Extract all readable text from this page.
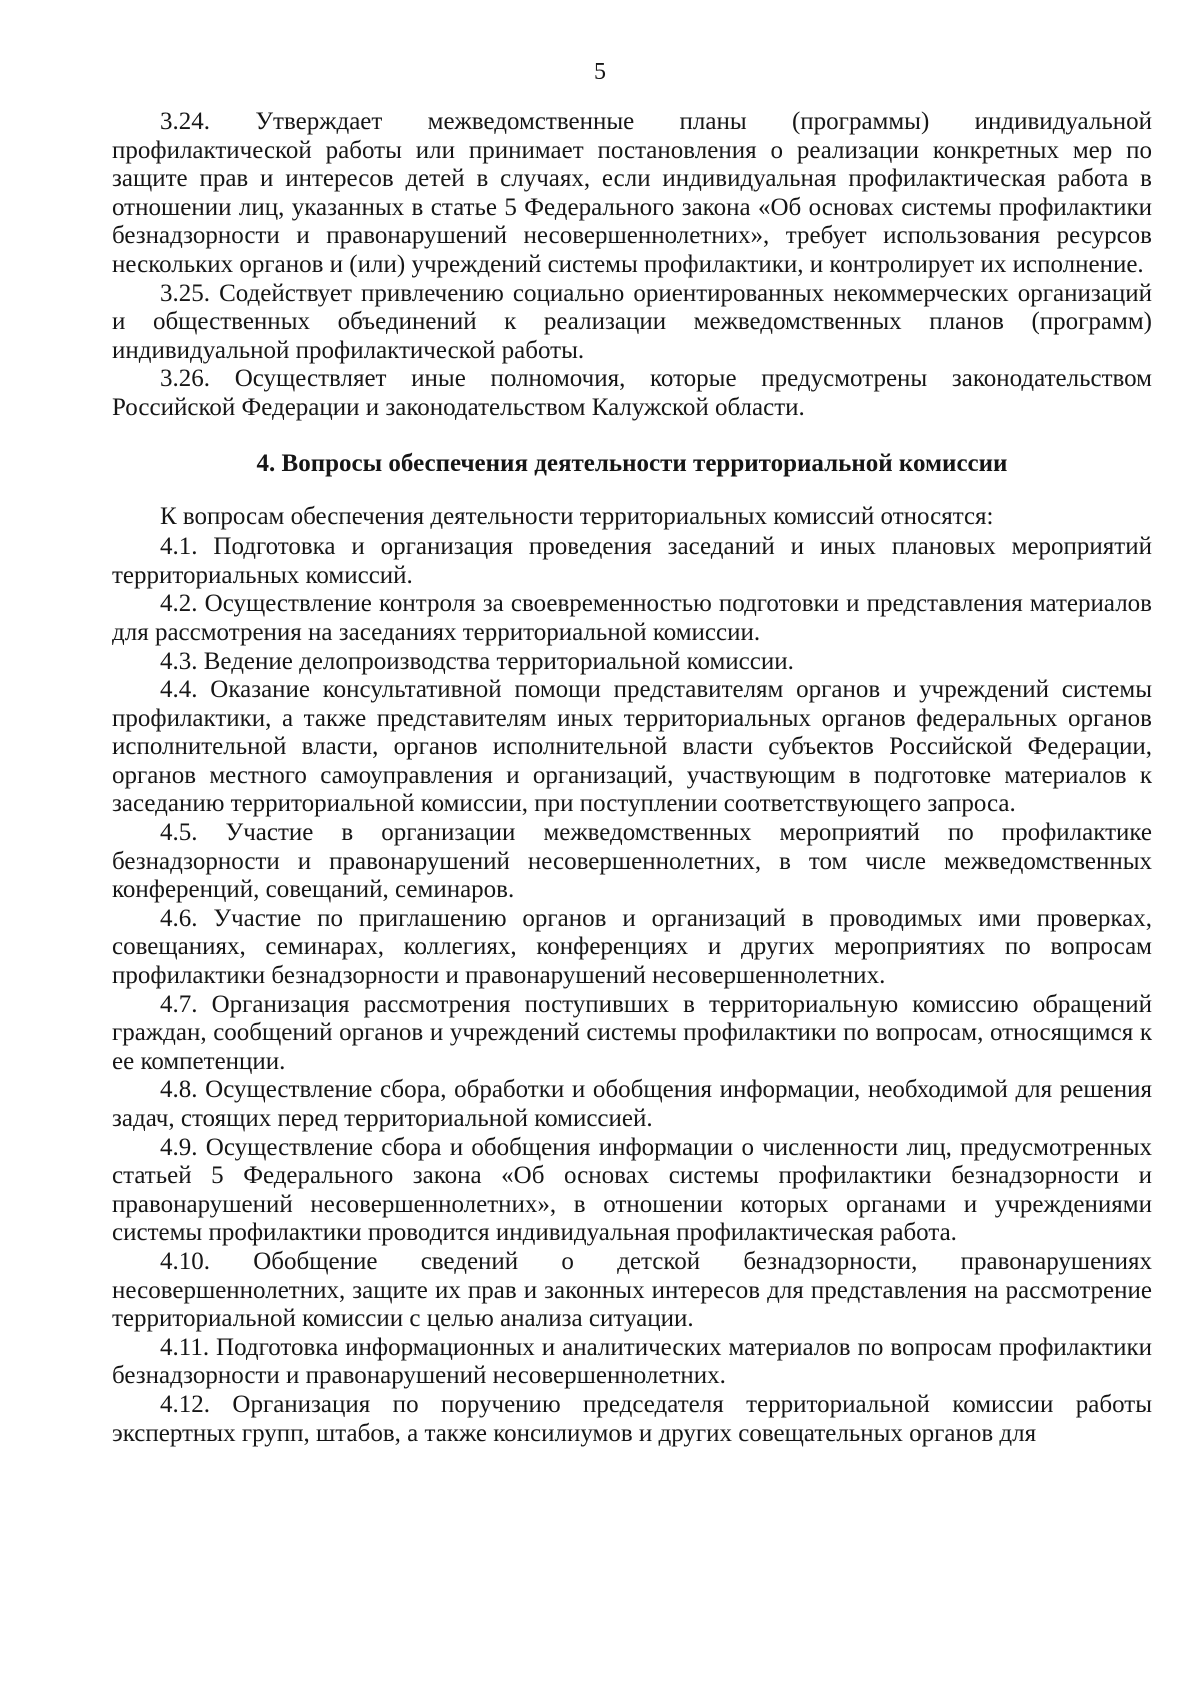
5

3.24. Утверждает межведомственные планы (программы) индивидуальной профилактической работы или принимает постановления о реализации конкретных мер по защите прав и интересов детей в случаях, если индивидуальная профилактическая работа в отношении лиц, указанных в статье 5 Федерального закона «Об основах системы профилактики безнадзорности и правонарушений несовершеннолетних», требует использования ресурсов нескольких органов и (или) учреждений системы профилактики, и контролирует их исполнение.

3.25. Содействует привлечению социально ориентированных некоммерческих организаций и общественных объединений к реализации межведомственных планов (программ) индивидуальной профилактической работы.

3.26. Осуществляет иные полномочия, которые предусмотрены законодательством Российской Федерации и законодательством Калужской области.

4. Вопросы обеспечения деятельности территориальной комиссии

К вопросам обеспечения деятельности территориальных комиссий относятся:

4.1. Подготовка и организация проведения заседаний и иных плановых мероприятий территориальных комиссий.

4.2. Осуществление контроля за своевременностью подготовки и представления материалов для рассмотрения на заседаниях территориальной комиссии.

4.3. Ведение делопроизводства территориальной комиссии.

4.4. Оказание консультативной помощи представителям органов и учреждений системы профилактики, а также представителям иных территориальных органов федеральных органов исполнительной власти, органов исполнительной власти субъектов Российской Федерации, органов местного самоуправления и организаций, участвующим в подготовке материалов к заседанию территориальной комиссии, при поступлении соответствующего запроса.

4.5. Участие в организации межведомственных мероприятий по профилактике безнадзорности и правонарушений несовершеннолетних, в том числе межведомственных конференций, совещаний, семинаров.

4.6. Участие по приглашению органов и организаций в проводимых ими проверках, совещаниях, семинарах, коллегиях, конференциях и других мероприятиях по вопросам профилактики безнадзорности и правонарушений несовершеннолетних.

4.7. Организация рассмотрения поступивших в территориальную комиссию обращений граждан, сообщений органов и учреждений системы профилактики по вопросам, относящимся к ее компетенции.

4.8. Осуществление сбора, обработки и обобщения информации, необходимой для решения задач, стоящих перед территориальной комиссией.

4.9. Осуществление сбора и обобщения информации о численности лиц, предусмотренных статьей 5 Федерального закона «Об основах системы профилактики безнадзорности и правонарушений несовершеннолетних», в отношении которых органами и учреждениями системы профилактики проводится индивидуальная профилактическая работа.

4.10. Обобщение сведений о детской безнадзорности, правонарушениях несовершеннолетних, защите их прав и законных интересов для представления на рассмотрение территориальной комиссии с целью анализа ситуации.

4.11. Подготовка информационных и аналитических материалов по вопросам профилактики безнадзорности и правонарушений несовершеннолетних.

4.12. Организация по поручению председателя территориальной комиссии работы экспертных групп, штабов, а также консилиумов и других совещательных органов для
